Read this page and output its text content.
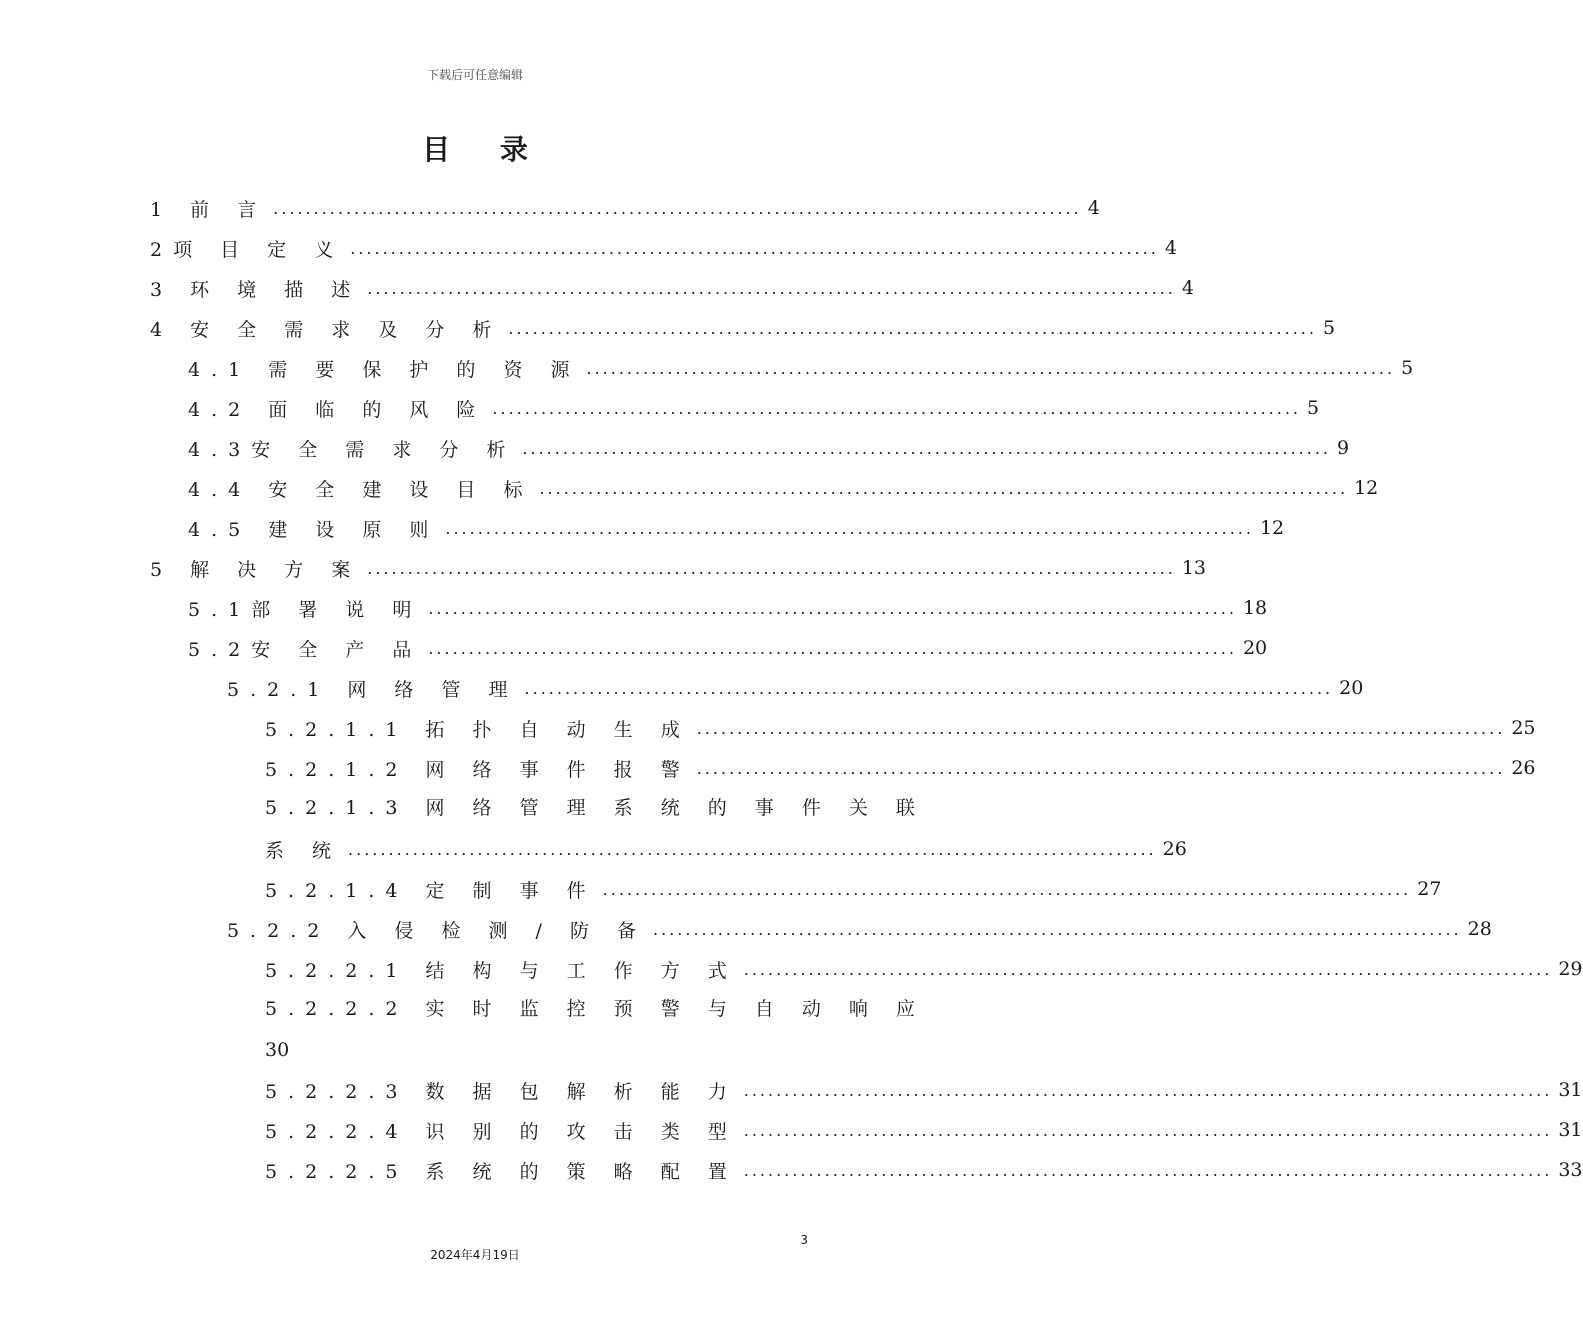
下载后可任意编辑
目 录
1 前 言 .................................................................................................... 4
2项 目 定 义 .................................................................................................... 4
3 环 境 描 述 .................................................................................................... 4
4 安 全 需 求 及 分 析 .................................................................................................... 5
4.1 需 要 保 护 的 资 源 .................................................................................................... 5
4.2 面 临 的 风 险 .................................................................................................... 5
4.3安 全 需 求 分 析 .................................................................................................... 9
4.4 安 全 建 设 目 标 .................................................................................................... 12
4.5 建 设 原 则 .................................................................................................... 12
5 解 决 方 案 .................................................................................................... 13
5.1部 署 说 明 .................................................................................................... 18
5.2安 全 产 品 .................................................................................................... 20
5.2.1 网 络 管 理 .................................................................................................... 20
5.2.1.1 拓 扑 自 动 生 成 .................................................................................................... 25
5.2.1.2 网 络 事 件 报 警 .................................................................................................... 26
5.2.1.3 网 络 管 理 系 统 的 事 件 关 联
系 统 .................................................................................................... 26
5.2.1.4 定 制 事 件 .................................................................................................... 27
5.2.2 入 侵 检 测 / 防 备 .................................................................................................... 28
5.2.2.1 结 构 与 工 作 方 式 .................................................................................................... 29
5.2.2.2 实 时 监 控 预 警 与 自 动 响 应
30
5.2.2.3 数 据 包 解 析 能 力 .................................................................................................... 31
5.2.2.4 识 别 的 攻 击 类 型 .................................................................................................... 31
5.2.2.5 系 统 的 策 略 配 置 .................................................................................................... 33
3
2024年4月19日
